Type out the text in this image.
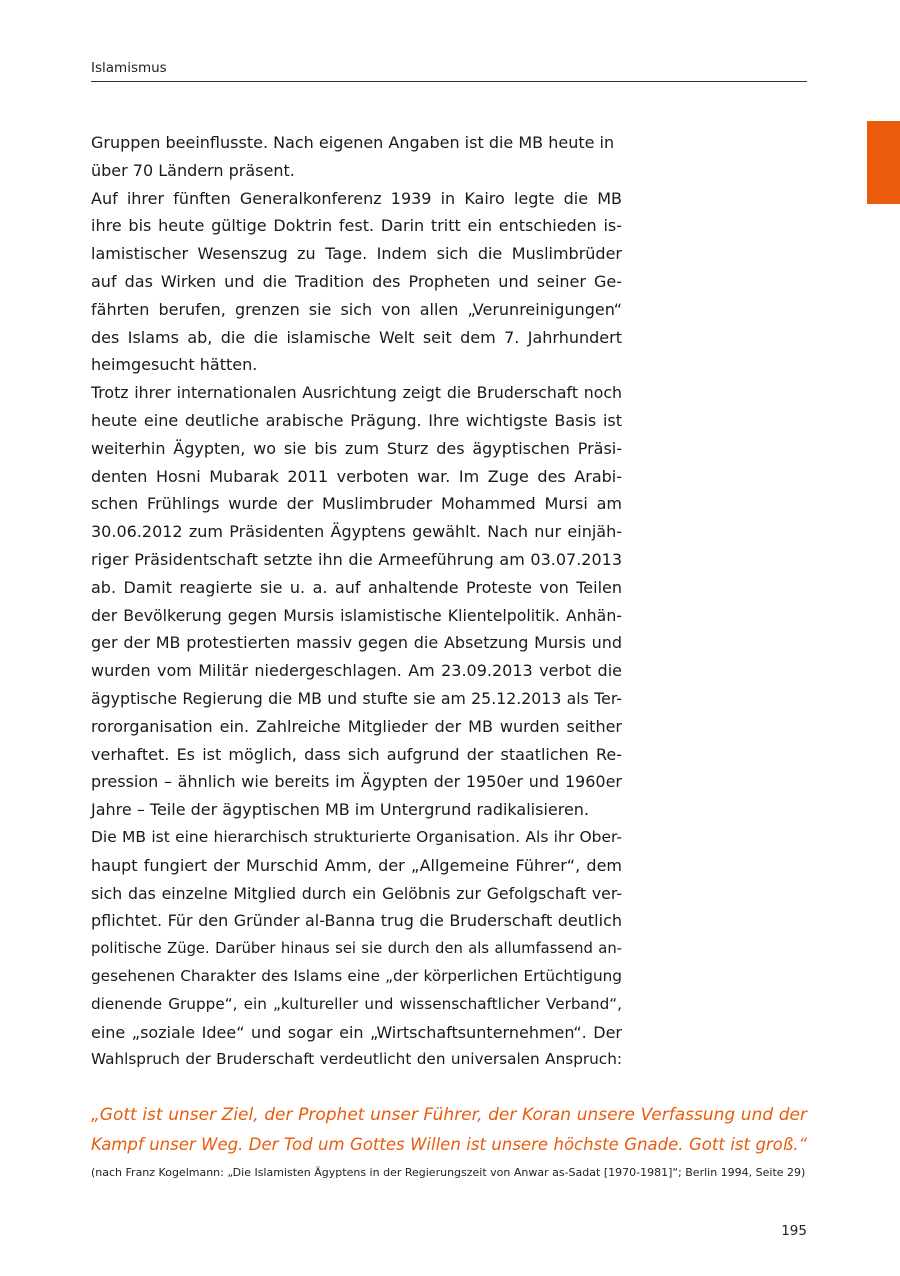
Islamismus
Gruppen beeinflusste. Nach eigenen Angaben ist die MB heute in
über 70 Ländern präsent.
Auf ihrer fünften Generalkonferenz 1939 in Kairo legte die MB
ihre bis heute gültige Doktrin fest. Darin tritt ein entschieden is-
lamistischer Wesenszug zu Tage. Indem sich die Muslimbrüder
auf das Wirken und die Tradition des Propheten und seiner Ge-
fährten berufen, grenzen sie sich von allen „Verunreinigungen“
des Islams ab, die die islamische Welt seit dem 7. Jahrhundert
heimgesucht hätten.
Trotz ihrer internationalen Ausrichtung zeigt die Bruderschaft noch
heute eine deutliche arabische Prägung. Ihre wichtigste Basis ist
weiterhin Ägypten, wo sie bis zum Sturz des ägyptischen Präsi-
denten Hosni Mubarak 2011 verboten war. Im Zuge des Arabi-
schen Frühlings wurde der Muslimbruder Mohammed Mursi am
30.06.2012 zum Präsidenten Ägyptens gewählt. Nach nur einjäh-
riger Präsidentschaft setzte ihn die Armeeführung am 03.07.2013
ab. Damit reagierte sie u. a. auf anhaltende Proteste von Teilen
der Bevölkerung gegen Mursis islamistische Klientelpolitik. Anhän-
ger der MB protestierten massiv gegen die Absetzung Mursis und
wurden vom Militär niedergeschlagen. Am 23.09.2013 verbot die
ägyptische Regierung die MB und stufte sie am 25.12.2013 als Ter-
rororganisation ein. Zahlreiche Mitglieder der MB wurden seither
verhaftet. Es ist möglich, dass sich aufgrund der staatlichen Re-
pression – ähnlich wie bereits im Ägypten der 1950er und 1960er
Jahre – Teile der ägyptischen MB im Untergrund radikalisieren.
Die MB ist eine hierarchisch strukturierte Organisation. Als ihr Ober-
haupt fungiert der Murschid Amm, der „Allgemeine Führer“, dem
sich das einzelne Mitglied durch ein Gelöbnis zur Gefolgschaft ver-
pflichtet. Für den Gründer al-Banna trug die Bruderschaft deutlich
politische Züge. Darüber hinaus sei sie durch den als allumfassend an-
gesehenen Charakter des Islams eine „der körperlichen Ertüchtigung
dienende Gruppe“, ein „kultureller und wissenschaftlicher Verband“,
eine „soziale Idee“ und sogar ein „Wirtschaftsunternehmen“. Der
Wahlspruch der Bruderschaft verdeutlicht den universalen Anspruch:
„Gott ist unser Ziel, der Prophet unser Führer, der Koran unsere Verfassung und der
Kampf unser Weg. Der Tod um Gottes Willen ist unsere höchste Gnade. Gott ist groß.“
(nach Franz Kogelmann: „Die Islamisten Ägyptens in der Regierungszeit von Anwar as-Sadat [1970-1981]“; Berlin 1994, Seite 29)
195
